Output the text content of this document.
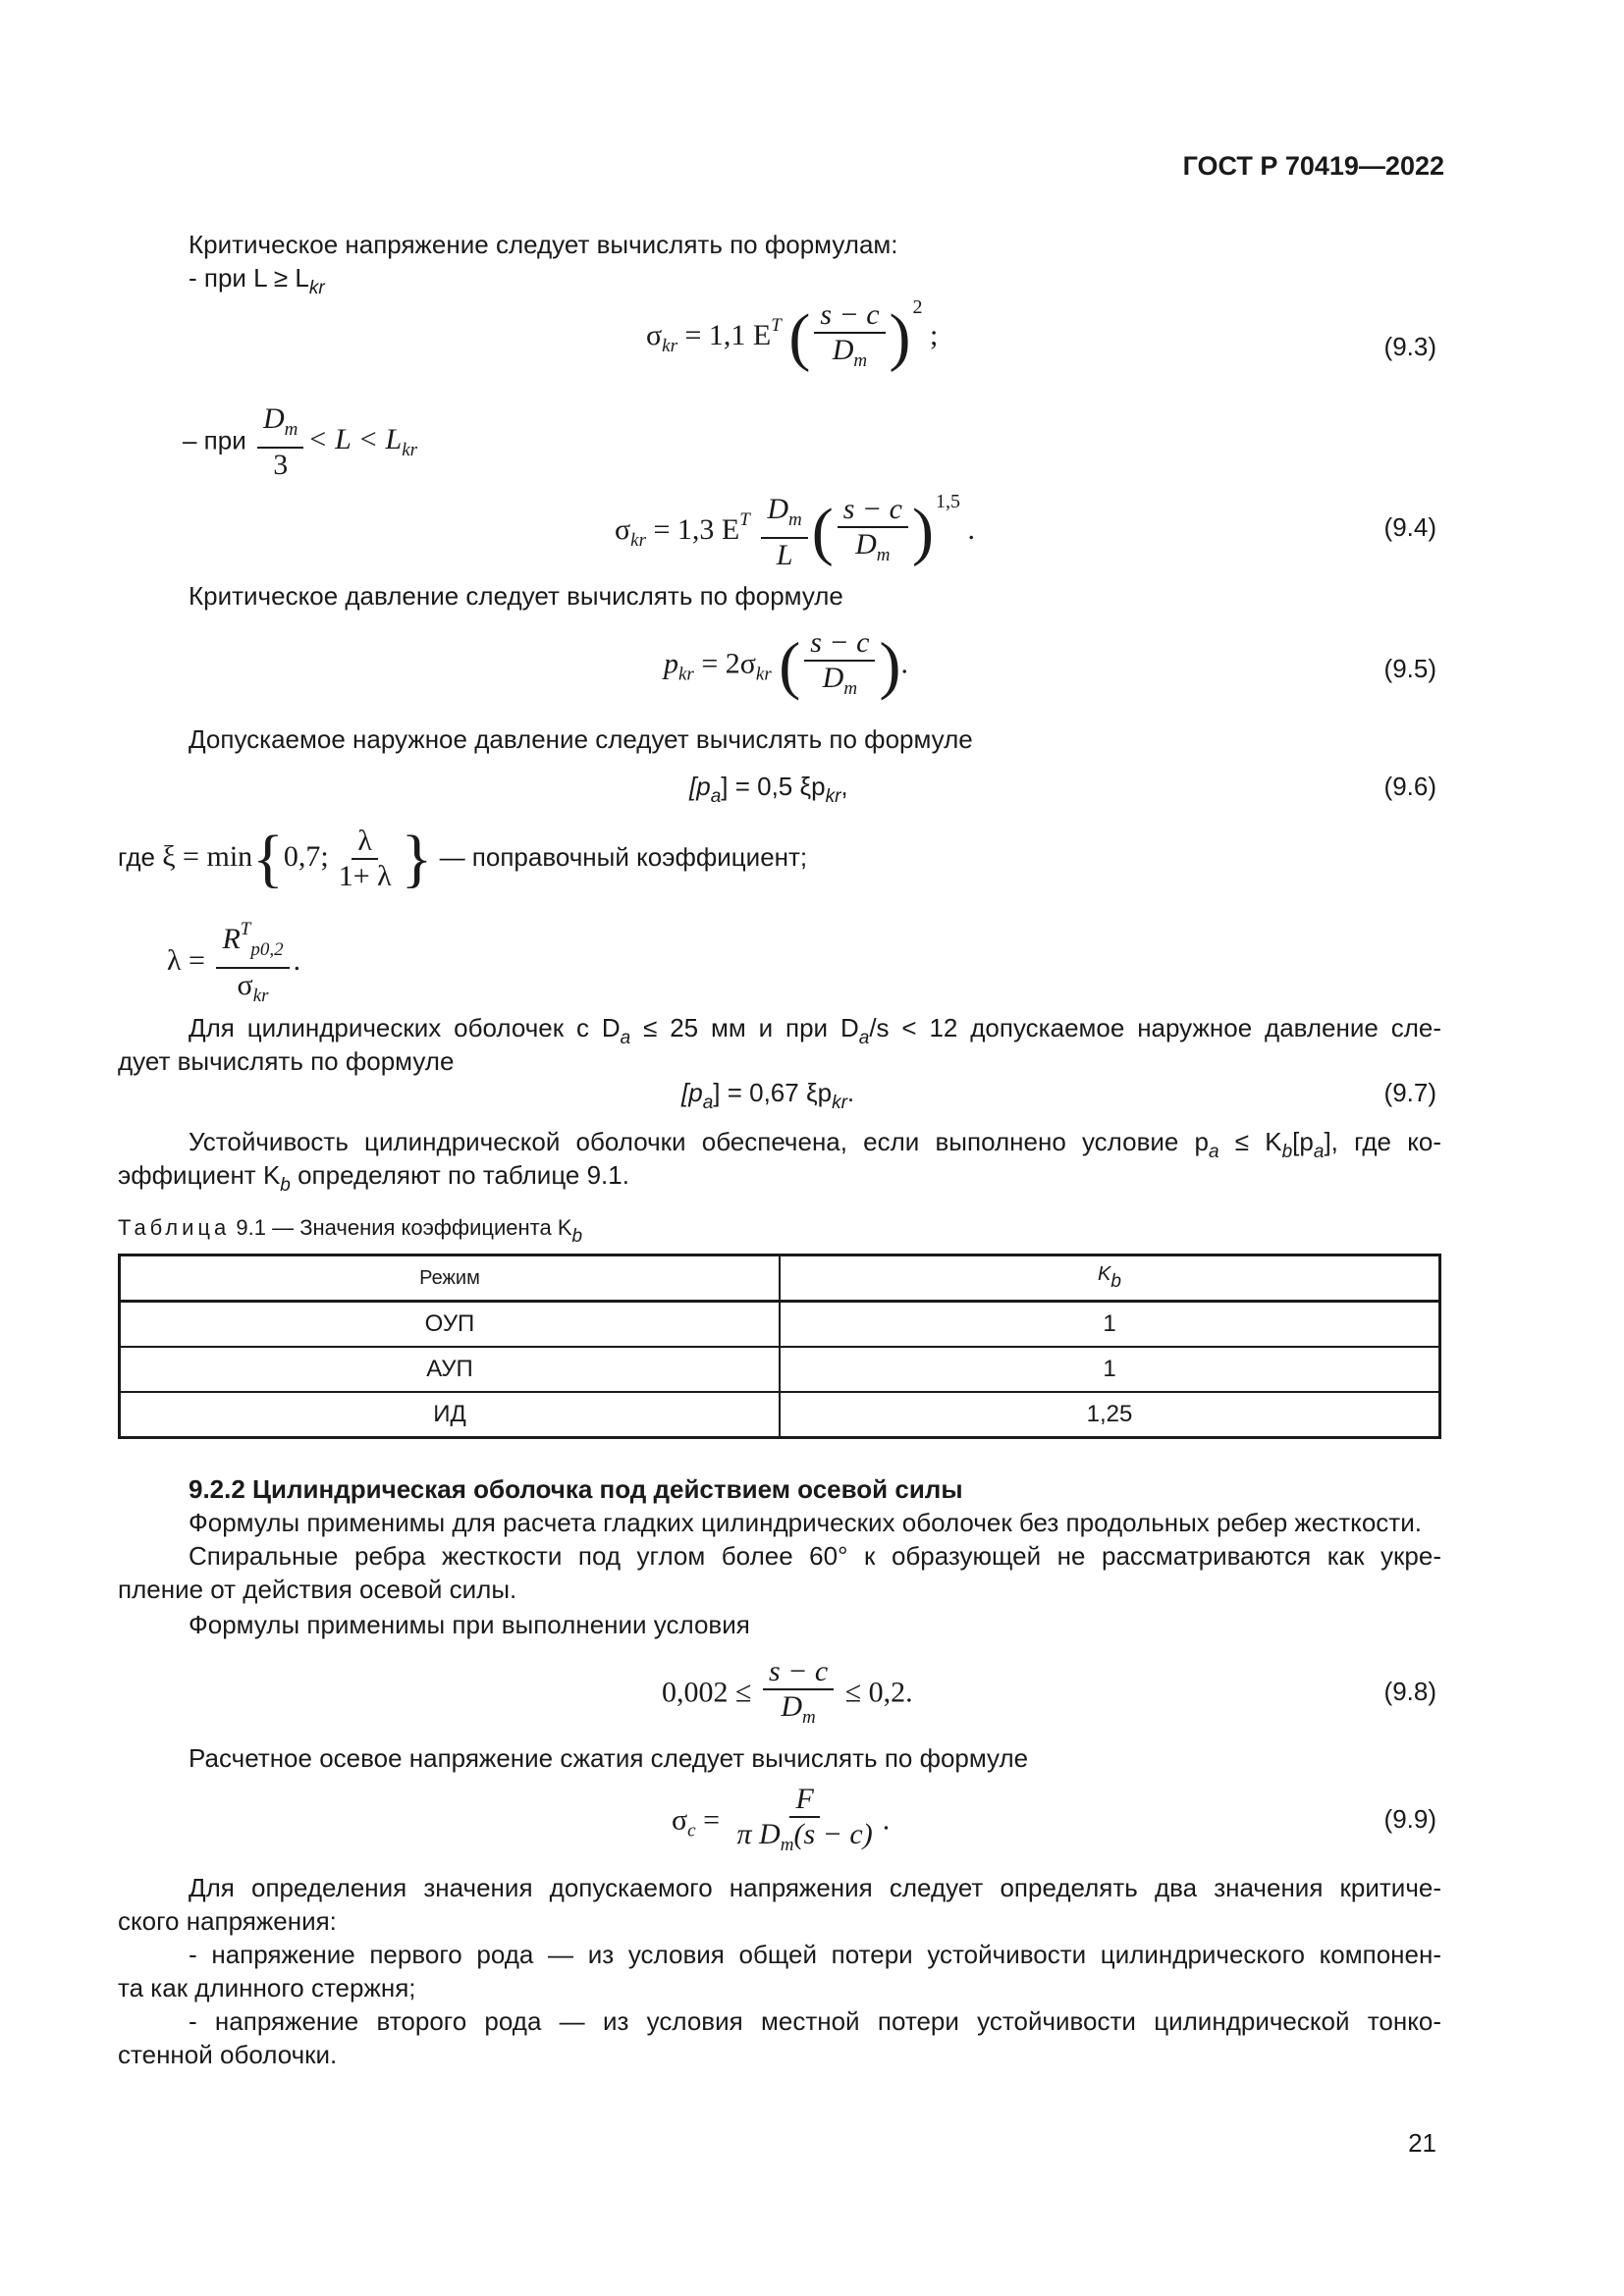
ГОСТ Р 70419—2022
Критическое напряжение следует вычислять по формулам:
- при $L \ge L_{kr}$
$\sigma_{kr} = 1,1$ $E^T$ ( $\frac{s - c}{D_m}$ ) $^2$ ;	(9.3)
– при $\frac{D_m}{3} < L < L_{kr}$
$\sigma_{kr} = 1,3$ $E^T \frac{D_m}{L}$ ( $\frac{s - c}{D_m}$ ) $^{1,5}$ .	(9.4)
Критическое давление следует вычислять по формуле
$p_{kr} = 2\sigma_{kr}$ ( $\frac{s - c}{D_m}$ ).	(9.5)
Допускаемое наружное давление следует вычислять по формуле
$[p_a] = 0,5$ $\xi p_{kr}$,	(9.6)
где ξ = min{0,7; $\frac{\lambda}{1+ \lambda}$ } — поправочный коэффициент;
$\lambda = \frac{R^T_{p0,2}}{\sigma_{kr}}$ .
Для цилиндрических оболочек с $D_a \le 25$ мм и при $D_a/s < 12$ допускаемое наружное давление сле-
дует вычислять по формуле
$[p_a] = 0,67$ $\xi p_{kr}$.	(9.7)
Устойчивость цилиндрической оболочки обеспечена, если выполнено условие $p_a \le K_b[p_a]$, где ко-
эффициент $K_b$ определяют по таблице 9.1.
Таблица 9.1 — Значения коэффициента Kb
Режим	Kb
ОУП	1
АУП	1
ИД	1,25
9.2.2 Цилиндрическая оболочка под действием осевой силы
Формулы применимы для расчета гладких цилиндрических оболочек без продольных ребер жесткости.
Спиральные ребра жесткости под углом более 60° к образующей не рассматриваются как укре-
пление от действия осевой силы.
Формулы применимы при выполнении условия
$0,002 \le \frac{s - c}{D_m} \le 0,2$.	(9.8)
Расчетное осевое напряжение сжатия следует вычислять по формуле
$\sigma_c = \frac{F}{\pi D_m(s - c)}$ .	(9.9)
Для определения значения допускаемого напряжения следует определять два значения критиче-
ского напряжения:
- напряжение первого рода — из условия общей потери устойчивости цилиндрического компонен-
та как длинного стержня;
- напряжение второго рода — из условия местной потери устойчивости цилиндрической тонко-
стенной оболочки.
21
